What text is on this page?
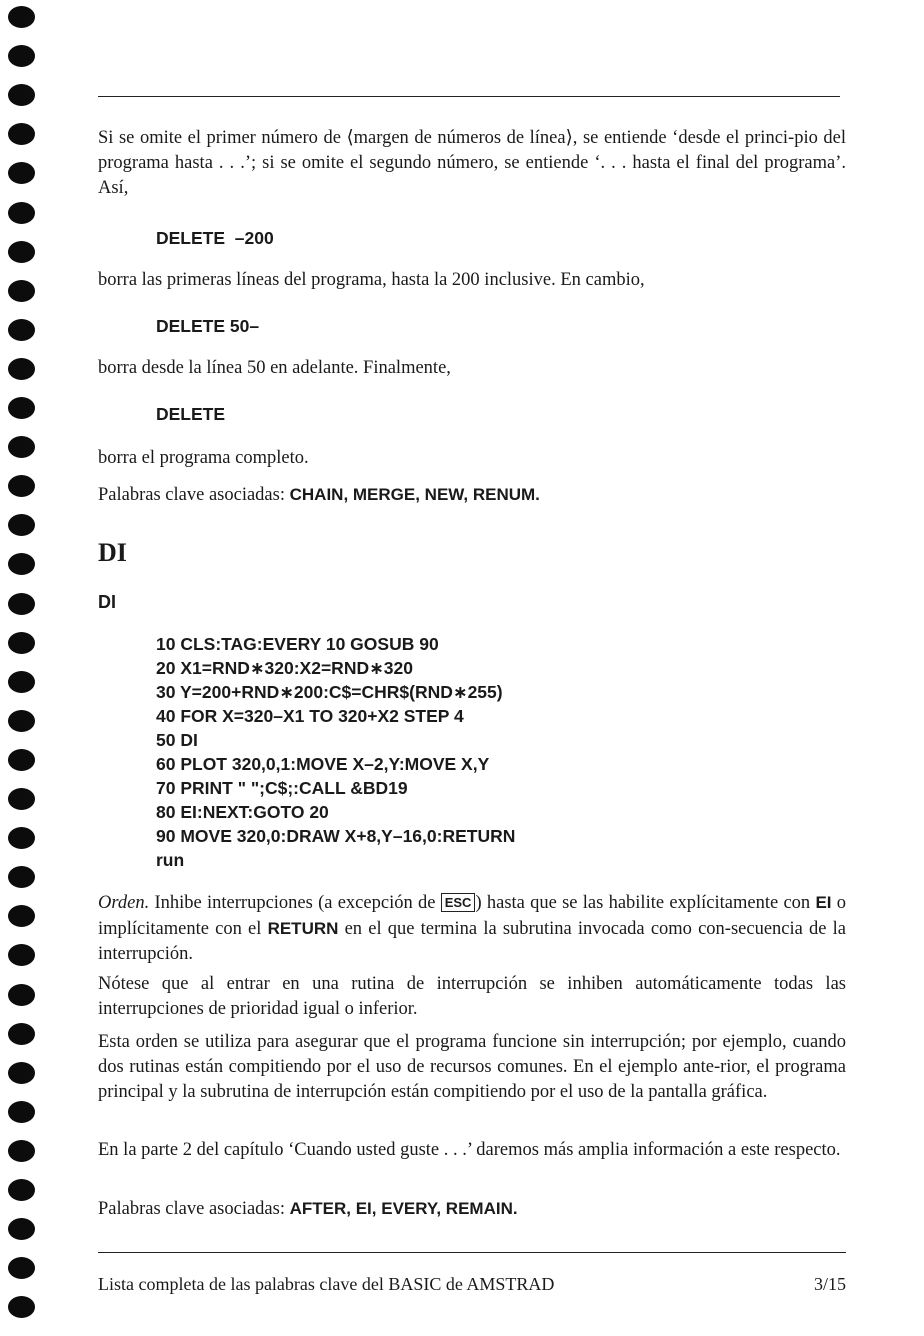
Si se omite el primer número de ⟨margen de números de línea⟩, se entiende ‘desde el princi-pio del programa hasta . . .’; si se omite el segundo número, se entiende ‘. . . hasta el final del programa’. Así,

DELETE  –200

borra las primeras líneas del programa, hasta la 200 inclusive. En cambio,

DELETE 50–

borra desde la línea 50 en adelante. Finalmente,

DELETE

borra el programa completo.

Palabras clave asociadas: CHAIN, MERGE, NEW, RENUM.

DI
DI
10 CLS:TAG:EVERY 10 GOSUB 90
20 X1=RND∗320:X2=RND∗320
30 Y=200+RND∗200:C$=CHR$(RND∗255)
40 FOR X=320–X1 TO 320+X2 STEP 4
50 DI
60 PLOT 320,0,1:MOVE X–2,Y:MOVE X,Y
70 PRINT " ";C$;:CALL &BD19
80 EI:NEXT:GOTO 20
90 MOVE 320,0:DRAW X+8,Y–16,0:RETURN
run

Orden. Inhibe interrupciones (a excepción de ESC ) hasta que se las habilite explícitamente con EI o implícitamente con el RETURN en el que termina la subrutina invocada como con-secuencia de la interrupción.

Nótese que al entrar en una rutina de interrupción se inhiben automáticamente todas las interrupciones de prioridad igual o inferior.

Esta orden se utiliza para asegurar que el programa funcione sin interrupción; por ejemplo, cuando dos rutinas están compitiendo por el uso de recursos comunes. En el ejemplo ante-rior, el programa principal y la subrutina de interrupción están compitiendo por el uso de la pantalla gráfica.

En la parte 2 del capítulo ‘Cuando usted guste . . .’ daremos más amplia información a este respecto.

Palabras clave asociadas: AFTER, EI, EVERY, REMAIN.

Lista completa de las palabras clave del BASIC de AMSTRAD	3/15
